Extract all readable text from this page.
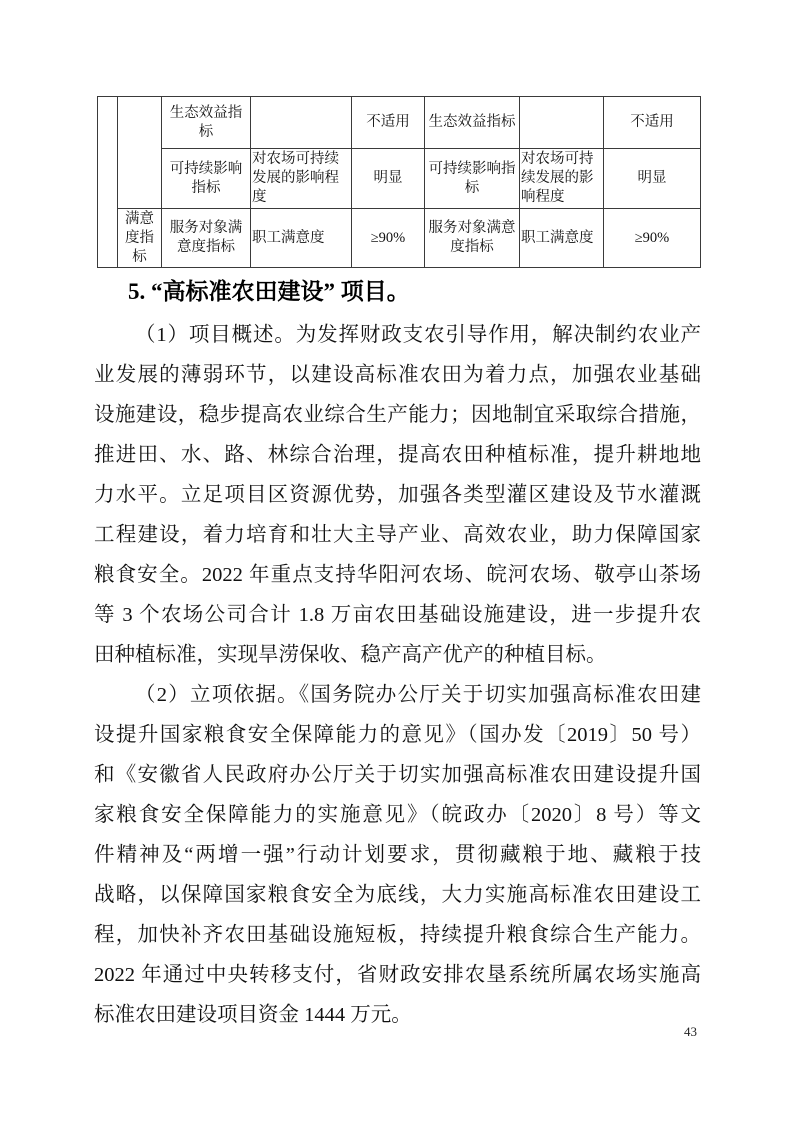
		生态效益指标		不适用	生态效益指标		不适用
		可持续影响指标	对农场可持续发展的影响程度	明显	可持续影响指标	对农场可持续发展的影响程度	明显
	满意度指标	服务对象满意度指标	职工满意度	≥90%	服务对象满意度指标	职工满意度	≥90%
5. “高标准农田建设” 项目。
（1）项目概述。为发挥财政支农引导作用，解决制约农业产
业发展的薄弱环节，以建设高标准农田为着力点，加强农业基础
设施建设，稳步提高农业综合生产能力；因地制宜采取综合措施，
推进田、水、路、林综合治理，提高农田种植标准，提升耕地地
力水平。立足项目区资源优势，加强各类型灌区建设及节水灌溉
工程建设，着力培育和壮大主导产业、高效农业，助力保障国家
粮食安全。2022 年重点支持华阳河农场、皖河农场、敬亭山茶场
等 3 个农场公司合计 1.8 万亩农田基础设施建设，进一步提升农
田种植标准，实现旱涝保收、稳产高产优产的种植目标。
（2）立项依据。《国务院办公厅关于切实加强高标准农田建
设提升国家粮食安全保障能力的意见》（国办发〔2019〕50 号）
和《安徽省人民政府办公厅关于切实加强高标准农田建设提升国
家粮食安全保障能力的实施意见》（皖政办〔2020〕8 号）等文
件精神及“两增一强”行动计划要求，贯彻藏粮于地、藏粮于技
战略，以保障国家粮食安全为底线，大力实施高标准农田建设工
程，加快补齐农田基础设施短板，持续提升粮食综合生产能力。
2022 年通过中央转移支付，省财政安排农垦系统所属农场实施高
标准农田建设项目资金 1444 万元。
43
